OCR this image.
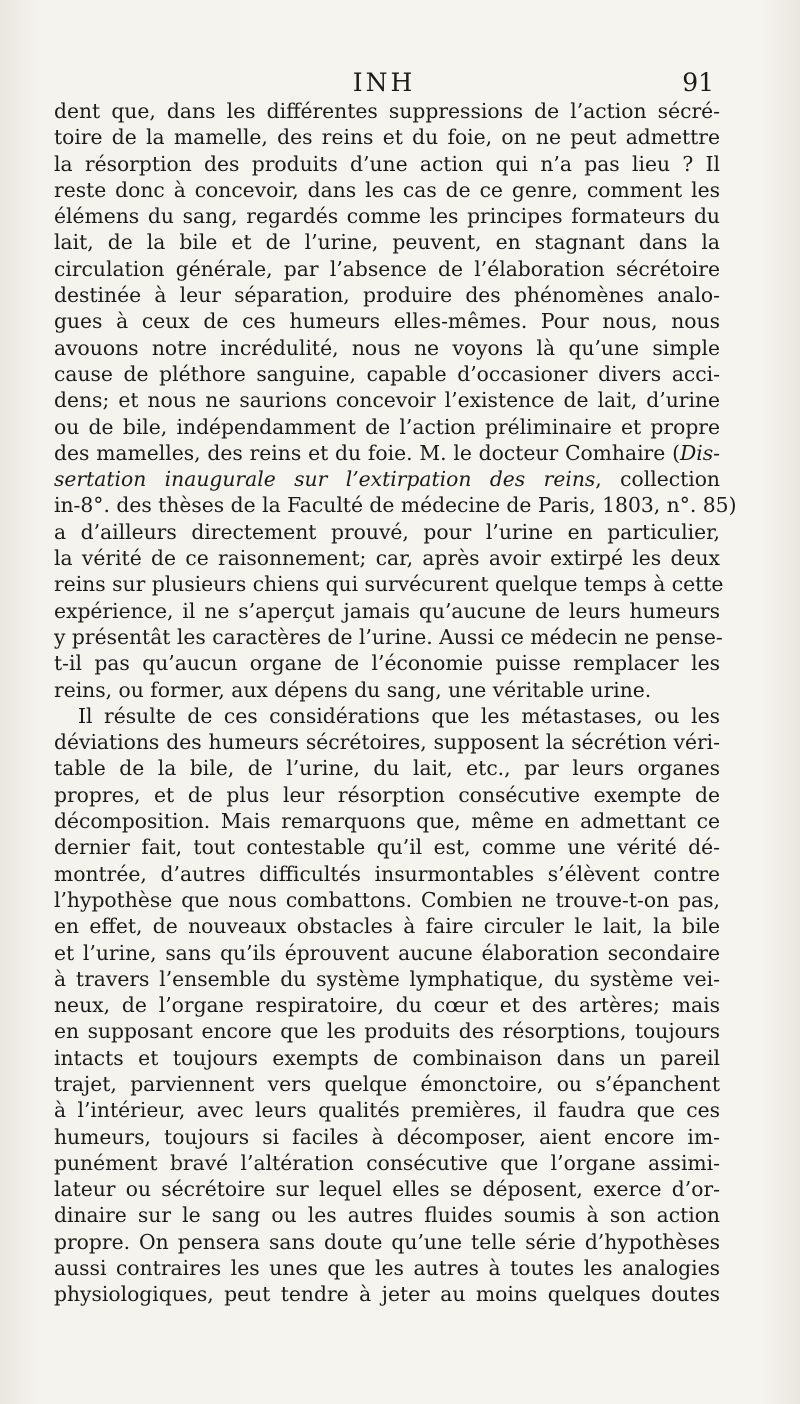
INH	91
dent que, dans les différentes suppressions de l’action sécré-
toire de la mamelle, des reins et du foie, on ne peut admettre
la résorption des produits d’une action qui n’a pas lieu ? Il
reste donc à concevoir, dans les cas de ce genre, comment les
élémens du sang, regardés comme les principes formateurs du
lait, de la bile et de l’urine, peuvent, en stagnant dans la
circulation générale, par l’absence de l’élaboration sécrétoire
destinée à leur séparation, produire des phénomènes analo-
gues à ceux de ces humeurs elles-mêmes. Pour nous, nous
avouons notre incrédulité, nous ne voyons là qu’une simple
cause de pléthore sanguine, capable d’occasioner divers acci-
dens; et nous ne saurions concevoir l’existence de lait, d’urine
ou de bile, indépendamment de l’action préliminaire et propre
des mamelles, des reins et du foie. M. le docteur Comhaire (Dis-
sertation inaugurale sur l’extirpation des reins, collection
in-8°. des thèses de la Faculté de médecine de Paris, 1803, n°. 85)
a d’ailleurs directement prouvé, pour l’urine en particulier,
la vérité de ce raisonnement; car, après avoir extirpé les deux
reins sur plusieurs chiens qui survécurent quelque temps à cette
expérience, il ne s’aperçut jamais qu’aucune de leurs humeurs
y présentât les caractères de l’urine. Aussi ce médecin ne pense-
t-il pas qu’aucun organe de l’économie puisse remplacer les
reins, ou former, aux dépens du sang, une véritable urine.
Il résulte de ces considérations que les métastases, ou les
déviations des humeurs sécrétoires, supposent la sécrétion véri-
table de la bile, de l’urine, du lait, etc., par leurs organes
propres, et de plus leur résorption consécutive exempte de
décomposition. Mais remarquons que, même en admettant ce
dernier fait, tout contestable qu’il est, comme une vérité dé-
montrée, d’autres difficultés insurmontables s’élèvent contre
l’hypothèse que nous combattons. Combien ne trouve-t-on pas,
en effet, de nouveaux obstacles à faire circuler le lait, la bile
et l’urine, sans qu’ils éprouvent aucune élaboration secondaire
à travers l’ensemble du système lymphatique, du système vei-
neux, de l’organe respiratoire, du cœur et des artères; mais
en supposant encore que les produits des résorptions, toujours
intacts et toujours exempts de combinaison dans un pareil
trajet, parviennent vers quelque émonctoire, ou s’épanchent
à l’intérieur, avec leurs qualités premières, il faudra que ces
humeurs, toujours si faciles à décomposer, aient encore im-
punément bravé l’altération consécutive que l’organe assimi-
lateur ou sécrétoire sur lequel elles se déposent, exerce d’or-
dinaire sur le sang ou les autres fluides soumis à son action
propre. On pensera sans doute qu’une telle série d’hypothèses
aussi contraires les unes que les autres à toutes les analogies
physiologiques, peut tendre à jeter au moins quelques doutes
